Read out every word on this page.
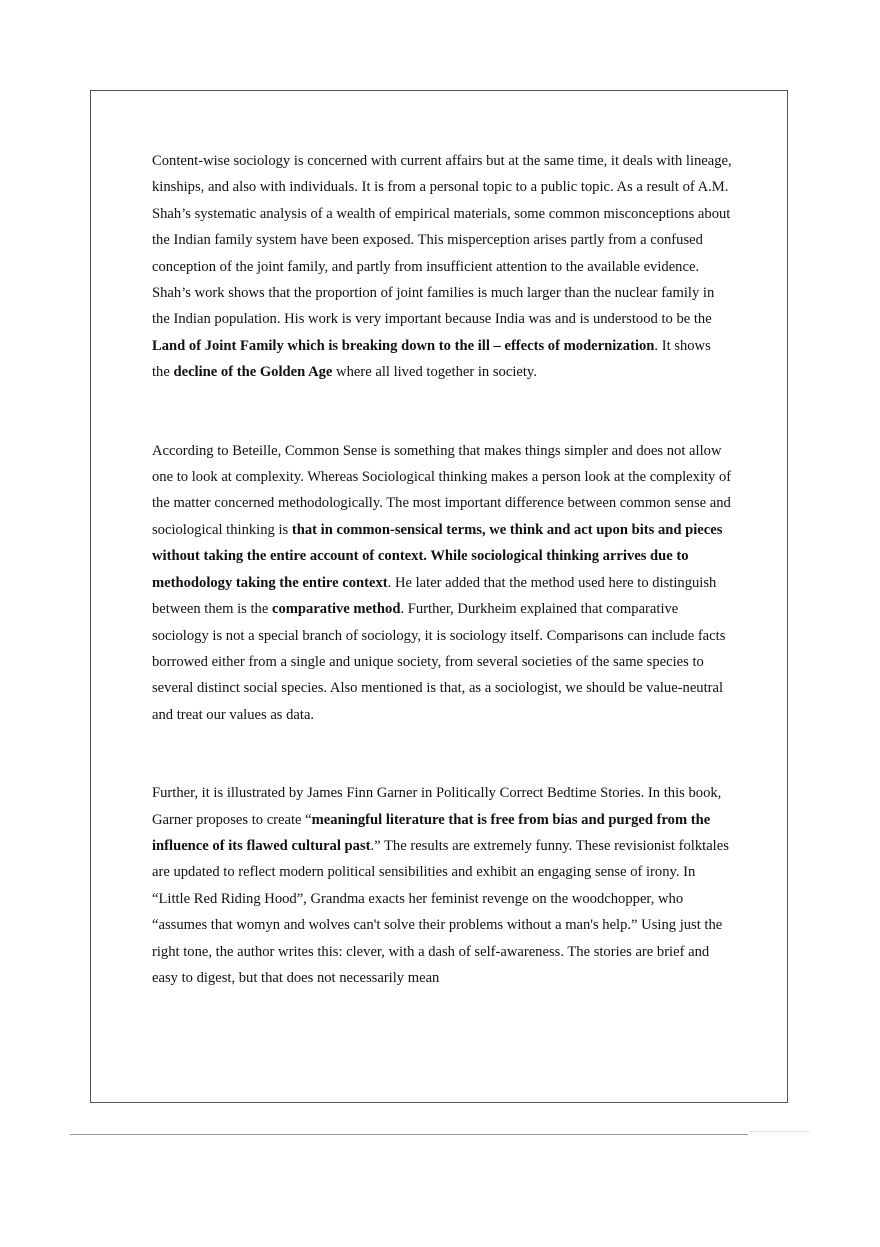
Content-wise sociology is concerned with current affairs but at the same time, it deals with lineage, kinships, and also with individuals. It is from a personal topic to a public topic. As a result of A.M. Shah’s systematic analysis of a wealth of empirical materials, some common misconceptions about the Indian family system have been exposed. This misperception arises partly from a confused conception of the joint family, and partly from insufficient attention to the available evidence. Shah’s work shows that the proportion of joint families is much larger than the nuclear family in the Indian population. His work is very important because India was and is understood to be the Land of Joint Family which is breaking down to the ill – effects of modernization. It shows the decline of the Golden Age where all lived together in society.

According to Beteille, Common Sense is something that makes things simpler and does not allow one to look at complexity. Whereas Sociological thinking makes a person look at the complexity of the matter concerned methodologically. The most important difference between common sense and sociological thinking is that in common-sensical terms, we think and act upon bits and pieces without taking the entire account of context. While sociological thinking arrives due to methodology taking the entire context. He later added that the method used here to distinguish between them is the comparative method. Further, Durkheim explained that comparative sociology is not a special branch of sociology, it is sociology itself. Comparisons can include facts borrowed either from a single and unique society, from several societies of the same species to several distinct social species. Also mentioned is that, as a sociologist, we should be value-neutral and treat our values as data.

Further, it is illustrated by James Finn Garner in Politically Correct Bedtime Stories. In this book, Garner proposes to create “meaningful literature that is free from bias and purged from the influence of its flawed cultural past.” The results are extremely funny. These revisionist folktales are updated to reflect modern political sensibilities and exhibit an engaging sense of irony. In “Little Red Riding Hood”, Grandma exacts her feminist revenge on the woodchopper, who “assumes that womyn and wolves can't solve their problems without a man's help.” Using just the right tone, the author writes this: clever, with a dash of self-awareness. The stories are brief and easy to digest, but that does not necessarily mean
